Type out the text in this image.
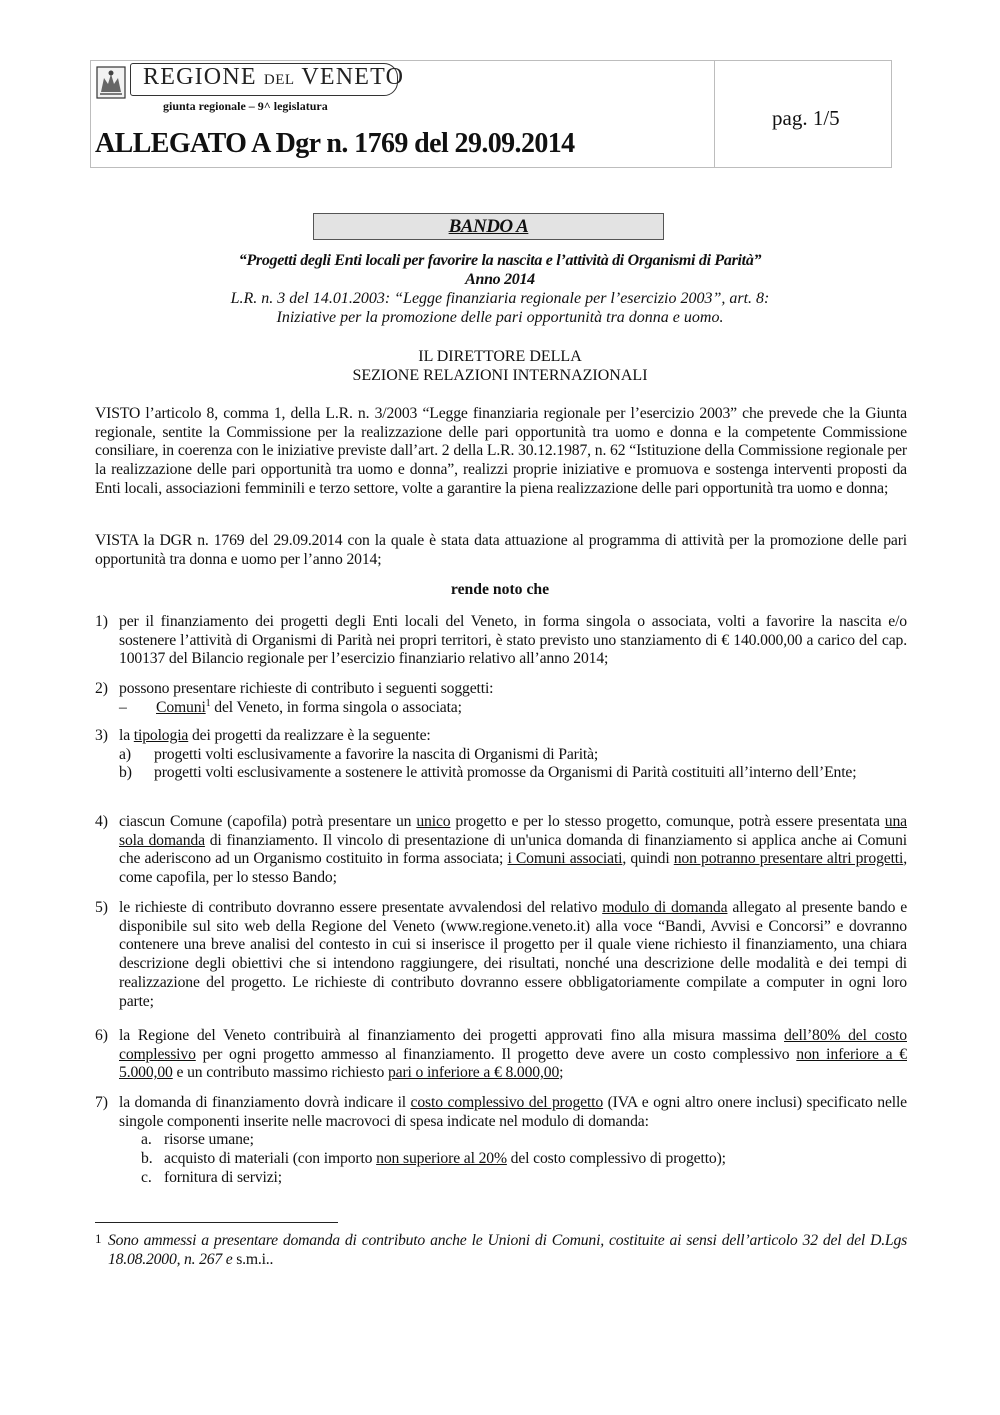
REGIONE DEL VENETO
giunta regionale – 9^ legislatura
ALLEGATO A Dgr n. 1769 del 29.09.2014
pag. 1/5
BANDO A
“Progetti degli Enti locali per favorire la nascita e l’attività di Organismi di Parità”
Anno 2014
L.R. n. 3 del 14.01.2003: “Legge finanziaria regionale per l’esercizio 2003”, art. 8:
Iniziative per la promozione delle pari opportunità tra donna e uomo.
IL DIRETTORE DELLA
SEZIONE RELAZIONI INTERNAZIONALI
VISTO l’articolo 8, comma 1, della L.R. n. 3/2003 “Legge finanziaria regionale per l’esercizio 2003” che prevede che la Giunta regionale, sentite la Commissione per la realizzazione delle pari opportunità tra uomo e donna e la competente Commissione consiliare, in coerenza con le iniziative previste dall’art. 2 della L.R. 30.12.1987, n. 62 “Istituzione della Commissione regionale per la realizzazione delle pari opportunità tra uomo e donna”, realizzi proprie iniziative e promuova e sostenga interventi proposti da Enti locali, associazioni femminili e terzo settore, volte a garantire la piena realizzazione delle pari opportunità tra uomo e donna;
VISTA la DGR n. 1769 del 29.09.2014 con la quale è stata data attuazione al programma di attività per la promozione delle pari opportunità tra donna e uomo per l’anno 2014;
rende noto che
1) per il finanziamento dei progetti degli Enti locali del Veneto, in forma singola o associata, volti a favorire la nascita e/o sostenere l’attività di Organismi di Parità nei propri territori, è stato previsto uno stanziamento di € 140.000,00 a carico del cap. 100137 del Bilancio regionale per l’esercizio finanziario relativo all’anno 2014;
2) possono presentare richieste di contributo i seguenti soggetti:
– Comuni$^1$ del Veneto, in forma singola o associata;
3) la tipologia dei progetti da realizzare è la seguente:
a) progetti volti esclusivamente a favorire la nascita di Organismi di Parità;
b) progetti volti esclusivamente a sostenere le attività promosse da Organismi di Parità costituiti all’interno dell’Ente;
4) ciascun Comune (capofila) potrà presentare un unico progetto e per lo stesso progetto, comunque, potrà essere presentata una sola domanda di finanziamento. Il vincolo di presentazione di un'unica domanda di finanziamento si applica anche ai Comuni che aderiscono ad un Organismo costituito in forma associata; i Comuni associati, quindi non potranno presentare altri progetti, come capofila, per lo stesso Bando;
5) le richieste di contributo dovranno essere presentate avvalendosi del relativo modulo di domanda allegato al presente bando e disponibile sul sito web della Regione del Veneto (www.regione.veneto.it) alla voce “Bandi, Avvisi e Concorsi” e dovranno contenere una breve analisi del contesto in cui si inserisce il progetto per il quale viene richiesto il finanziamento, una chiara descrizione degli obiettivi che si intendono raggiungere, dei risultati, nonché una descrizione delle modalità e dei tempi di realizzazione del progetto. Le richieste di contributo dovranno essere obbligatoriamente compilate a computer in ogni loro parte;
6) la Regione del Veneto contribuirà al finanziamento dei progetti approvati fino alla misura massima dell’80% del costo complessivo per ogni progetto ammesso al finanziamento. Il progetto deve avere un costo complessivo non inferiore a € 5.000,00 e un contributo massimo richiesto pari o inferiore a € 8.000,00;
7) la domanda di finanziamento dovrà indicare il costo complessivo del progetto (IVA e ogni altro onere inclusi) specificato nelle singole componenti inserite nelle macrovoci di spesa indicate nel modulo di domanda:
a. risorse umane;
b. acquisto di materiali (con importo non superiore al 20% del costo complessivo di progetto);
c. fornitura di servizi;
1 Sono ammessi a presentare domanda di contributo anche le Unioni di Comuni, costituite ai sensi dell’articolo 32 del del D.Lgs 18.08.2000, n. 267 e s.m.i..
